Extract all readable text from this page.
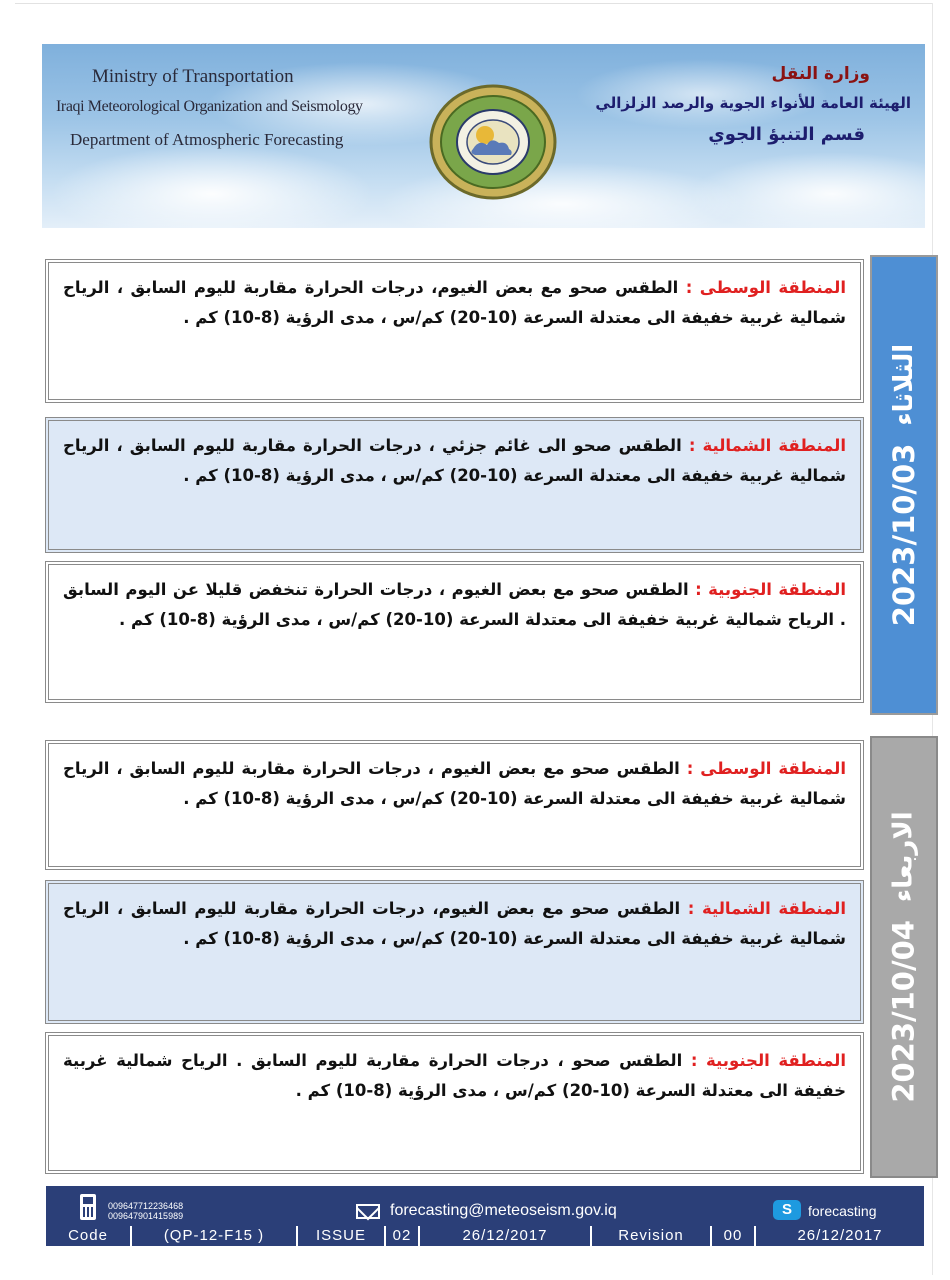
Ministry of Transportation
Iraqi Meteorological Organization and Seismology
Department of Atmospheric Forecasting
وزارة النقل
الهيئة العامة للأنواء الجوية والرصد الزلزالي
قسم التنبؤ الجوي
المنطقة الوسطى : الطقس صحو مع بعض الغيوم، درجات الحرارة مقاربة لليوم السابق ، الرياح شمالية غربية خفيفة الى معتدلة السرعة (10-20) كم/س ، مدى الرؤية (8-10) كم .
المنطقة الشمالية : الطقس صحو الى غائم جزئي ، درجات الحرارة مقاربة لليوم السابق ، الرياح شمالية غربية خفيفة الى معتدلة السرعة (10-20) كم/س ، مدى الرؤية (8-10) كم .
المنطقة الجنوبية : الطقس صحو مع بعض الغيوم ، درجات الحرارة تنخفض قليلا عن اليوم السابق . الرياح شمالية غربية خفيفة الى معتدلة السرعة (10-20) كم/س ، مدى الرؤية (8-10) كم .	2023/10/03
الثلاثاء
المنطقة الوسطى : الطقس صحو مع بعض الغيوم ، درجات الحرارة مقاربة لليوم السابق ، الرياح شمالية غربية خفيفة الى معتدلة السرعة (10-20) كم/س ، مدى الرؤية (8-10) كم .
المنطقة الشمالية : الطقس صحو مع بعض الغيوم، درجات الحرارة مقاربة لليوم السابق ، الرياح شمالية غربية خفيفة الى معتدلة السرعة (10-20) كم/س ، مدى الرؤية (8-10) كم .
المنطقة الجنوبية : الطقس صحو ، درجات الحرارة مقاربة لليوم السابق . الرياح شمالية غربية خفيفة الى معتدلة السرعة (10-20) كم/س ، مدى الرؤية (8-10) كم .	2023/10/04
الاربعاء
009647712236468
009647901415989	forecasting@meteoseism.gov.iq	S	forecasting
Code	(QP-12-F15 )	ISSUE	02	26/12/2017	Revision	00	26/12/2017
